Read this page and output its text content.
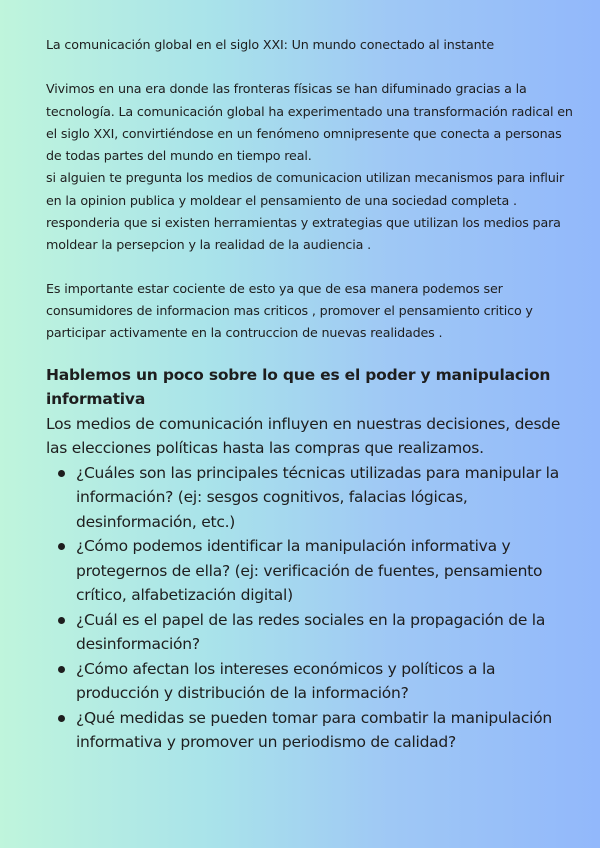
La comunicación global en el siglo XXI: Un mundo conectado al instante

Vivimos en una era donde las fronteras físicas se han difuminado gracias a la tecnología. La comunicación global ha experimentado una transformación radical en el siglo XXI, convirtiéndose en un fenómeno omnipresente que conecta a personas de todas partes del mundo en tiempo real.

si alguien te pregunta los medios de comunicacion utilizan mecanismos para influir en la opinion publica y moldear el pensamiento de una sociedad completa .

responderia que si existen herramientas y extrategias que utilizan los medios para moldear la persepcion y la realidad de la audiencia .

Es importante estar cociente de esto ya que de esa manera podemos ser consumidores de informacion mas criticos , promover el pensamiento critico y participar activamente en la contruccion de nuevas realidades .

Hablemos un poco sobre lo que es el poder y manipulacion informativa

Los medios de comunicación influyen en nuestras decisiones, desde las elecciones políticas hasta las compras que realizamos.

¿Cuáles son las principales técnicas utilizadas para manipular la información? (ej: sesgos cognitivos, falacias lógicas, desinformación, etc.)
¿Cómo podemos identificar la manipulación informativa y protegernos de ella? (ej: verificación de fuentes, pensamiento crítico, alfabetización digital)
¿Cuál es el papel de las redes sociales en la propagación de la desinformación?
¿Cómo afectan los intereses económicos y políticos a la producción y distribución de la información?
¿Qué medidas se pueden tomar para combatir la manipulación informativa y promover un periodismo de calidad?
